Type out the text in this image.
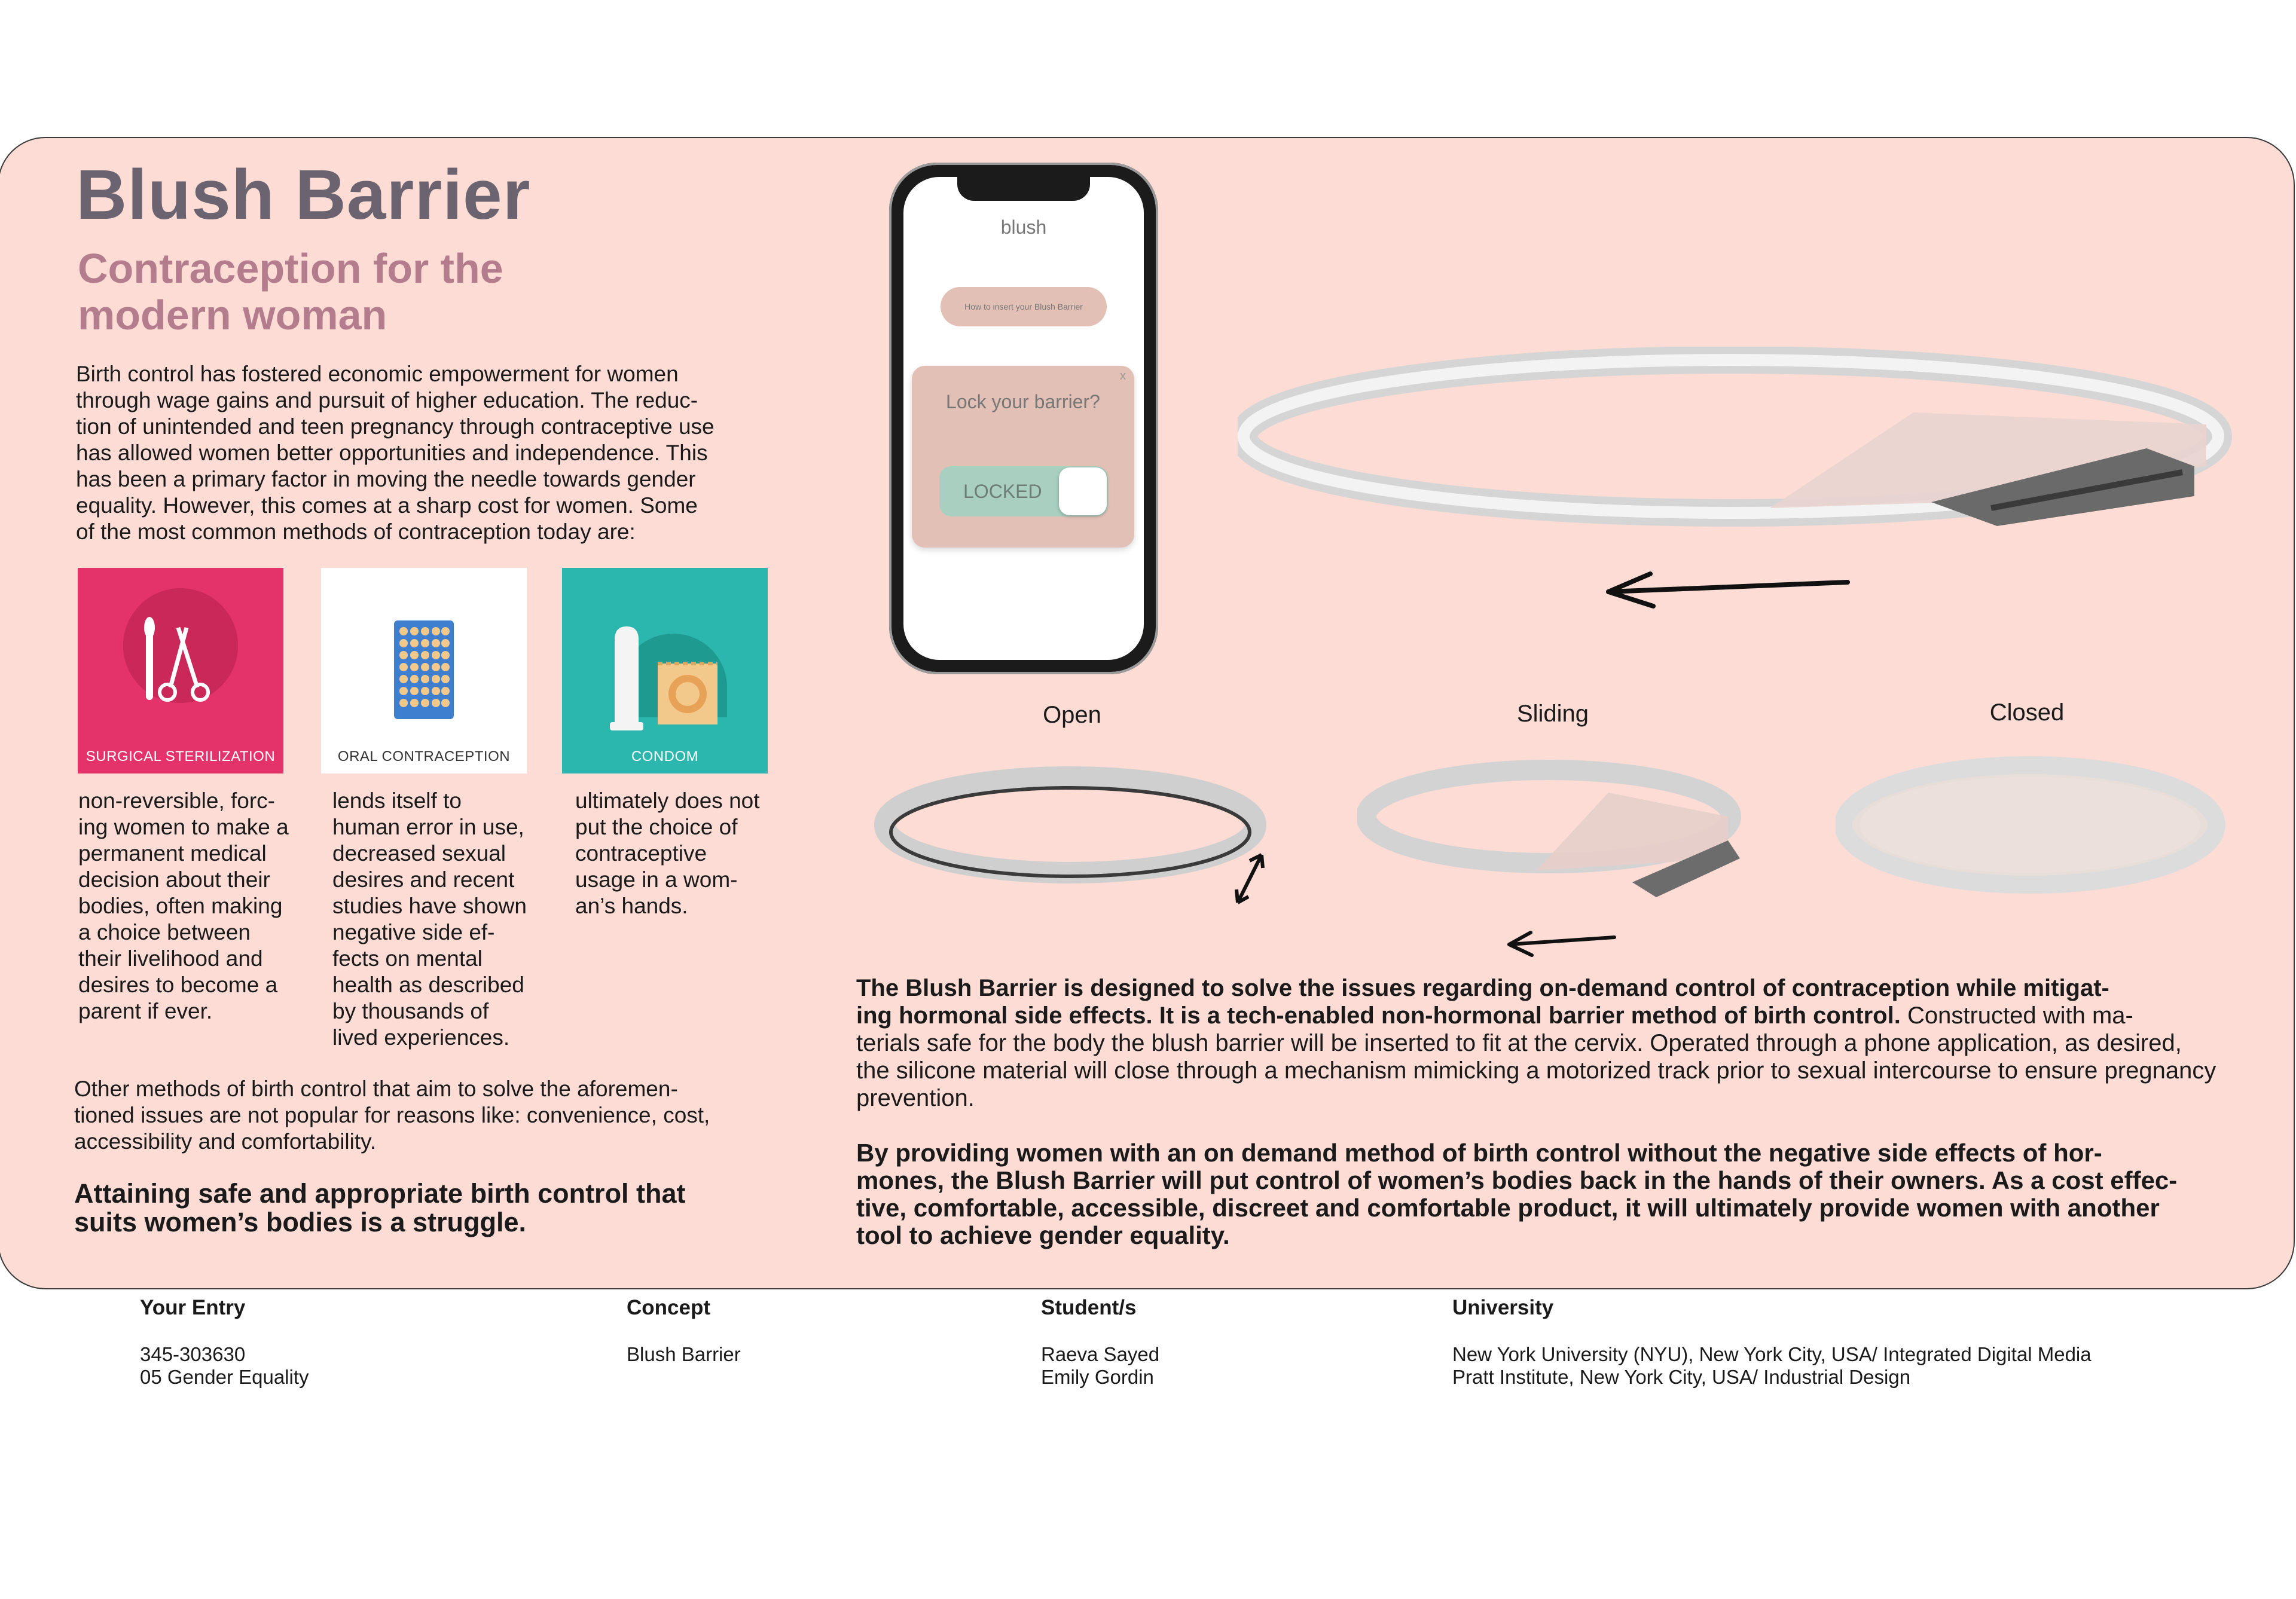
Blush Barrier
Contraception for the
modern woman
Birth control has fostered economic empowerment for women
through wage gains and pursuit of higher education. The reduc-
tion of unintended and teen pregnancy through contraceptive use
has allowed women better opportunities and independence. This
has been a primary factor in moving the needle towards gender
equality. However, this comes at a sharp cost for women. Some
of the most common methods of contraception today are:
SURGICAL STERILIZATION	ORAL CONTRACEPTION	CONDOM
non-reversible, forc-
ing women to make a
permanent medical
decision about their
bodies, often making
a choice between
their livelihood and
desires to become a
parent if ever.
lends itself to
human error in use,
decreased sexual
desires and recent
studies have shown
negative side ef-
fects on mental
health as described
by thousands of
lived experiences.
ultimately does not
put the choice of
contraceptive
usage in a wom-
an’s hands.
Other methods of birth control that aim to solve the aforemen-
tioned issues are not popular for reasons like: convenience, cost,
accessibility and comfortability.
Attaining safe and appropriate birth control that
suits women’s bodies is a struggle.
blush
How to insert your Blush Barrier
x
Lock your barrier?
LOCKED
Open	Sliding	Closed
The Blush Barrier is designed to solve the issues regarding on-demand control of contraception while mitigat-
ing hormonal side effects. It is a tech-enabled non-hormonal barrier method of birth control. Constructed with ma-
terials safe for the body the blush barrier will be inserted to fit at the cervix. Operated through a phone application, as desired,
the silicone material will close through a mechanism mimicking a motorized track prior to sexual intercourse to ensure pregnancy
prevention.
By providing women with an on demand method of birth control without the negative side effects of hor-
mones, the Blush Barrier will put control of women’s bodies back in the hands of their owners. As a cost effec-
tive, comfortable, accessible, discreet and comfortable product, it will ultimately provide women with another
tool to achieve gender equality.
Your Entry
345-303630
05 Gender Equality
Concept
Blush Barrier
Student/s
Raeva Sayed
Emily Gordin
University
New York University (NYU), New York City, USA/ Integrated Digital Media
Pratt Institute, New York City, USA/ Industrial Design
